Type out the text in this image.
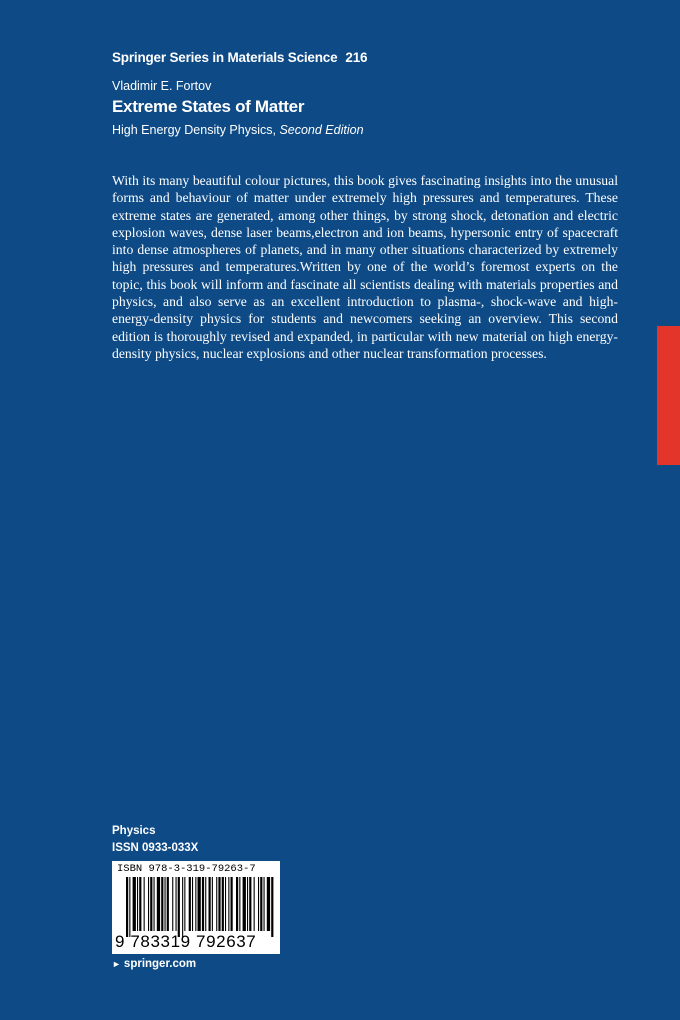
Springer Series in Materials Science 216
Vladimir E. Fortov
Extreme States of Matter
High Energy Density Physics, Second Edition

With its many beautiful colour pictures, this book gives fascinating insights into the unusual forms and behaviour of matter under extremely high pressures and temperatures. These extreme states are generated, among other things, by strong shock, detonation and electric explosion waves, dense laser beams,electron and ion beams, hypersonic entry of spacecraft into dense atmospheres of planets, and in many other situations characterized by extremely high pressures and temperatures.Written by one of the world’s foremost experts on the topic, this book will inform and fascinate all scientists dealing with materials properties and physics, and also serve as an excellent introduction to plasma-, shock-wave and high-energy-density physics for students and newcomers seeking an overview. This second edition is thoroughly revised and expanded, in particular with new material on high energy-density physics, nuclear explosions and other nuclear transformation processes.

Physics
ISSN 0933-033X
ISBN 978-3-319-79263-7
9 783319 792637
► springer.com
